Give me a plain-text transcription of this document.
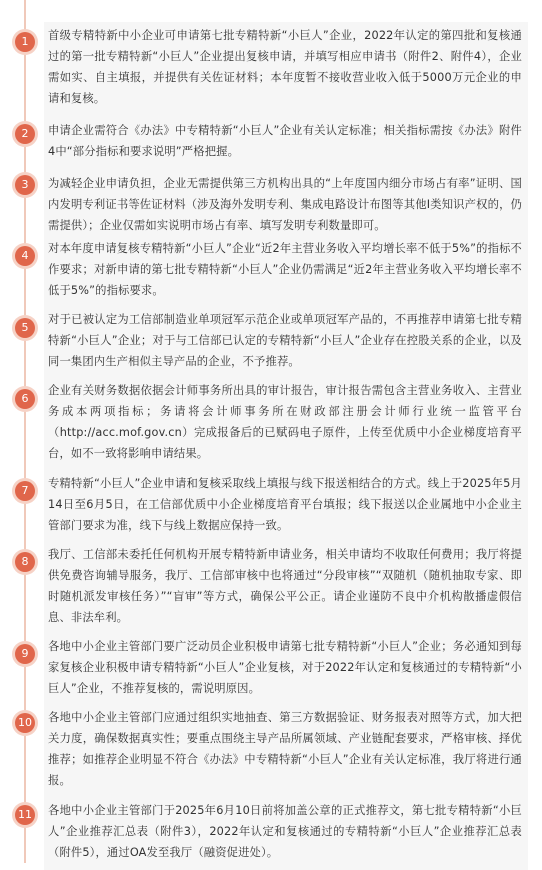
首级专精特新中小企业可申请第七批专精特新“小巨人”企业，2022年认定的第四批和复核通过的第一批专精特新“小巨人”企业提出复核申请，并填写相应申请书（附件2、附件4），企业需如实、自主填报，并提供有关佐证材料；本年度暂不接收营业收入低于5000万元企业的申请和复核。
1
申请企业需符合《办法》中专精特新“小巨人”企业有关认定标准；相关指标需按《办法》附件4中“部分指标和要求说明”严格把握。
2
为减轻企业申请负担，企业无需提供第三方机构出具的“上年度国内细分市场占有率”证明、国内发明专利证书等佐证材料（涉及海外发明专利、集成电路设计布图等其他Ⅰ类知识产权的，仍需提供）；企业仅需如实说明市场占有率、填写发明专利数量即可。
3
对本年度申请复核专精特新“小巨人”企业“近2年主营业务收入平均增长率不低于5%”的指标不作要求；对新申请的第七批专精特新“小巨人”企业仍需满足“近2年主营业务收入平均增长率不低于5%”的指标要求。
4
对于已被认定为工信部制造业单项冠军示范企业或单项冠军产品的，不再推荐申请第七批专精特新“小巨人”企业；对于与工信部已认定的专精特新“小巨人”企业存在控股关系的企业，以及同一集团内生产相似主导产品的企业，不予推荐。
5
企业有关财务数据依据会计师事务所出具的审计报告，审计报告需包含主营业务收入、主营业务成本两项指标；务请将会计师事务所在财政部注册会计师行业统一监管平台（http://acc.mof.gov.cn）完成报备后的已赋码电子原件，上传至优质中小企业梯度培育平台，如不一致将影响申请结果。
6
专精特新“小巨人”企业申请和复核采取线上填报与线下报送相结合的方式。线上于2025年5月14日至6月5日，在工信部优质中小企业梯度培育平台填报；线下报送以企业属地中小企业主管部门要求为准，线下与线上数据应保持一致。
7
我厅、工信部未委托任何机构开展专精特新申请业务，相关申请均不收取任何费用；我厅将提供免费咨询辅导服务，我厅、工信部审核中也将通过“分段审核”“双随机（随机抽取专家、即时随机派发审核任务）”“盲审”等方式，确保公平公正。请企业谨防不良中介机构散播虚假信息、非法牟利。
8
各地中小企业主管部门要广泛动员企业积极申请第七批专精特新“小巨人”企业；务必通知到每家复核企业积极申请专精特新“小巨人”企业复核，对于2022年认定和复核通过的专精特新“小巨人”企业，不推荐复核的，需说明原因。
9
各地中小企业主管部门应通过组织实地抽查、第三方数据验证、财务报表对照等方式，加大把关力度，确保数据真实性；要重点围绕主导产品所属领域、产业链配套要求，严格审核、择优推荐；如推荐企业明显不符合《办法》中专精特新“小巨人”企业有关认定标准，我厅将进行通报。
10
各地中小企业主管部门于2025年6月10日前将加盖公章的正式推荐文，第七批专精特新“小巨人”企业推荐汇总表（附件3），2022年认定和复核通过的专精特新“小巨人”企业推荐汇总表（附件5），通过OA发至我厅（融资促进处）。
11
